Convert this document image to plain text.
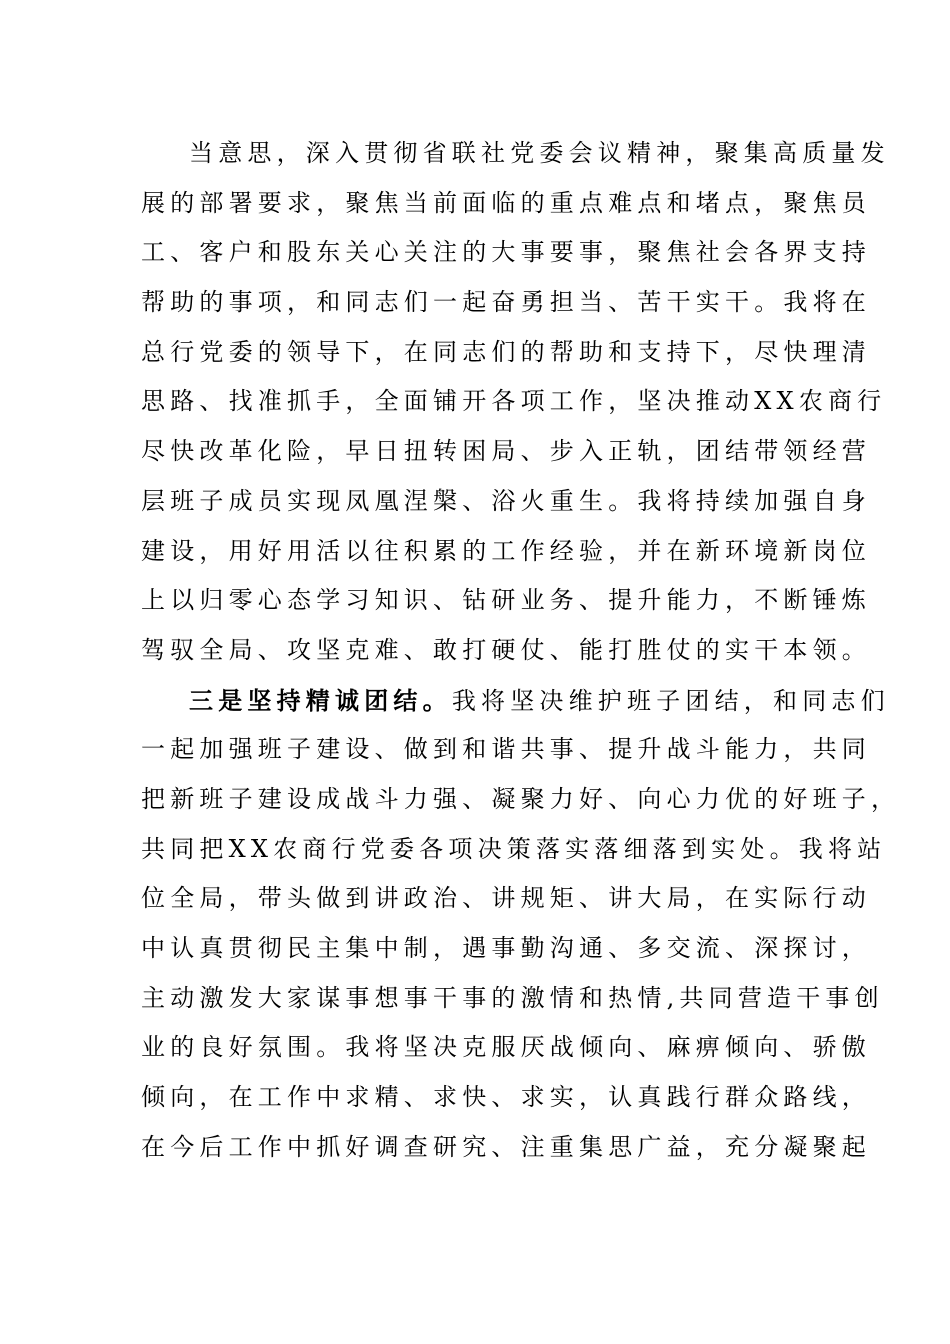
当意思，深入贯彻省联社党委会议精神，聚集高质量发
展的部署要求，聚焦当前面临的重点难点和堵点，聚焦员
工、客户和股东关心关注的大事要事，聚焦社会各界支持
帮助的事项，和同志们一起奋勇担当、苦干实干。我将在
总行党委的领导下，在同志们的帮助和支持下，尽快理清
思路、找准抓手，全面铺开各项工作，坚决推动XX农商行
尽快改革化险，早日扭转困局、步入正轨，团结带领经营
层班子成员实现凤凰涅槃、浴火重生。我将持续加强自身
建设，用好用活以往积累的工作经验，并在新环境新岗位
上以归零心态学习知识、钻研业务、提升能力，不断锤炼
驾驭全局、攻坚克难、敢打硬仗、能打胜仗的实干本领。
三是坚持精诚团结。我将坚决维护班子团结，和同志们
一起加强班子建设、做到和谐共事、提升战斗能力，共同
把新班子建设成战斗力强、凝聚力好、向心力优的好班子，
共同把XX农商行党委各项决策落实落细落到实处。我将站
位全局，带头做到讲政治、讲规矩、讲大局，在实际行动
中认真贯彻民主集中制，遇事勤沟通、多交流、深探讨，
主动激发大家谋事想事干事的激情和热情,共同营造干事创
业的良好氛围。我将坚决克服厌战倾向、麻痹倾向、骄傲
倾向，在工作中求精、求快、求实，认真践行群众路线，
在今后工作中抓好调查研究、注重集思广益，充分凝聚起
